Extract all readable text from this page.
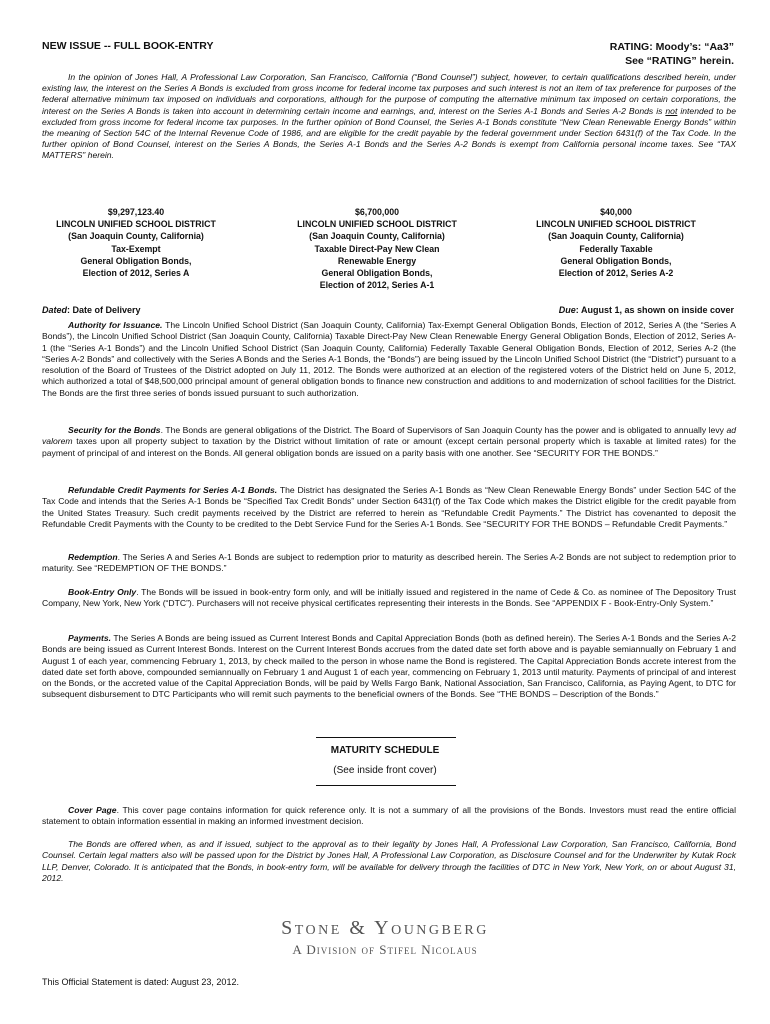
NEW ISSUE -- FULL BOOK-ENTRY	RATING: Moody’s: “Aa3”
See “RATING” herein.
In the opinion of Jones Hall, A Professional Law Corporation, San Francisco, California (“Bond Counsel”) subject, however, to certain qualifications described herein, under existing law, the interest on the Series A Bonds is excluded from gross income for federal income tax purposes and such interest is not an item of tax preference for purposes of the federal alternative minimum tax imposed on individuals and corporations, although for the purpose of computing the alternative minimum tax imposed on certain corporations, the interest on the Series A Bonds is taken into account in determining certain income and earnings, and, interest on the Series A-1 Bonds and Series A-2 Bonds is not intended to be excluded from gross income for federal income tax purposes. In the further opinion of Bond Counsel, the Series A-1 Bonds constitute “New Clean Renewable Energy Bonds” within the meaning of Section 54C of the Internal Revenue Code of 1986, and are eligible for the credit payable by the federal government under Section 6431(f) of the Tax Code. In the further opinion of Bond Counsel, interest on the Series A Bonds, the Series A-1 Bonds and the Series A-2 Bonds is exempt from California personal income taxes. See “TAX MATTERS” herein.
$9,297,123.40
LINCOLN UNIFIED SCHOOL DISTRICT
(San Joaquin County, California)
Tax-Exempt
General Obligation Bonds,
Election of 2012, Series A
$6,700,000
LINCOLN UNIFIED SCHOOL DISTRICT
(San Joaquin County, California)
Taxable Direct-Pay New Clean
Renewable Energy
General Obligation Bonds,
Election of 2012, Series A-1
$40,000
LINCOLN UNIFIED SCHOOL DISTRICT
(San Joaquin County, California)
Federally Taxable
General Obligation Bonds,
Election of 2012, Series A-2
Dated: Date of Delivery	Due: August 1, as shown on inside cover
Authority for Issuance. The Lincoln Unified School District (San Joaquin County, California) Tax-Exempt General Obligation Bonds, Election of 2012, Series A (the “Series A Bonds”), the Lincoln Unified School District (San Joaquin County, California) Taxable Direct-Pay New Clean Renewable Energy General Obligation Bonds, Election of 2012, Series A-1 (the “Series A-1 Bonds”) and the Lincoln Unified School District (San Joaquin County, California) Federally Taxable General Obligation Bonds, Election of 2012, Series A-2 (the “Series A-2 Bonds” and collectively with the Series A Bonds and the Series A-1 Bonds, the “Bonds”) are being issued by the Lincoln Unified School District (the “District”) pursuant to a resolution of the Board of Trustees of the District adopted on July 11, 2012. The Bonds were authorized at an election of the registered voters of the District held on June 5, 2012, which authorized a total of $48,500,000 principal amount of general obligation bonds to finance new construction and additions to and modernization of school facilities for the District. The Bonds are the first three series of bonds issued pursuant to such authorization.
Security for the Bonds. The Bonds are general obligations of the District. The Board of Supervisors of San Joaquin County has the power and is obligated to annually levy ad valorem taxes upon all property subject to taxation by the District without limitation of rate or amount (except certain personal property which is taxable at limited rates) for the payment of principal of and interest on the Bonds. All general obligation bonds are issued on a parity basis with one another. See “SECURITY FOR THE BONDS.”
Refundable Credit Payments for Series A-1 Bonds. The District has designated the Series A-1 Bonds as “New Clean Renewable Energy Bonds” under Section 54C of the Tax Code and intends that the Series A-1 Bonds be “Specified Tax Credit Bonds” under Section 6431(f) of the Tax Code which makes the District eligible for the credit payable from the United States Treasury. Such credit payments received by the District are referred to herein as “Refundable Credit Payments.” The District has covenanted to deposit the Refundable Credit Payments with the County to be credited to the Debt Service Fund for the Series A-1 Bonds. See “SECURITY FOR THE BONDS – Refundable Credit Payments.”
Redemption. The Series A and Series A-1 Bonds are subject to redemption prior to maturity as described herein. The Series A-2 Bonds are not subject to redemption prior to maturity. See “REDEMPTION OF THE BONDS.”
Book-Entry Only. The Bonds will be issued in book-entry form only, and will be initially issued and registered in the name of Cede & Co. as nominee of The Depository Trust Company, New York, New York (“DTC”). Purchasers will not receive physical certificates representing their interests in the Bonds. See “APPENDIX F - Book-Entry-Only System.”
Payments. The Series A Bonds are being issued as Current Interest Bonds and Capital Appreciation Bonds (both as defined herein). The Series A-1 Bonds and the Series A-2 Bonds are being issued as Current Interest Bonds. Interest on the Current Interest Bonds accrues from the dated date set forth above and is payable semiannually on February 1 and August 1 of each year, commencing February 1, 2013, by check mailed to the person in whose name the Bond is registered. The Capital Appreciation Bonds accrete interest from the dated date set forth above, compounded semiannually on February 1 and August 1 of each year, commencing on February 1, 2013 until maturity. Payments of principal of and interest on the Bonds, or the accreted value of the Capital Appreciation Bonds, will be paid by Wells Fargo Bank, National Association, San Francisco, California, as Paying Agent, to DTC for subsequent disbursement to DTC Participants who will remit such payments to the beneficial owners of the Bonds. See “THE BONDS – Description of the Bonds.”
MATURITY SCHEDULE
(See inside front cover)
Cover Page. This cover page contains information for quick reference only. It is not a summary of all the provisions of the Bonds. Investors must read the entire official statement to obtain information essential in making an informed investment decision.
The Bonds are offered when, as and if issued, subject to the approval as to their legality by Jones Hall, A Professional Law Corporation, San Francisco, California, Bond Counsel. Certain legal matters also will be passed upon for the District by Jones Hall, A Professional Law Corporation, as Disclosure Counsel and for the Underwriter by Kutak Rock LLP, Denver, Colorado. It is anticipated that the Bonds, in book-entry form, will be available for delivery through the facilities of DTC in New York, New York, on or about August 31, 2012.
Stone & Youngberg
A Division of Stifel Nicolaus
This Official Statement is dated: August 23, 2012.
